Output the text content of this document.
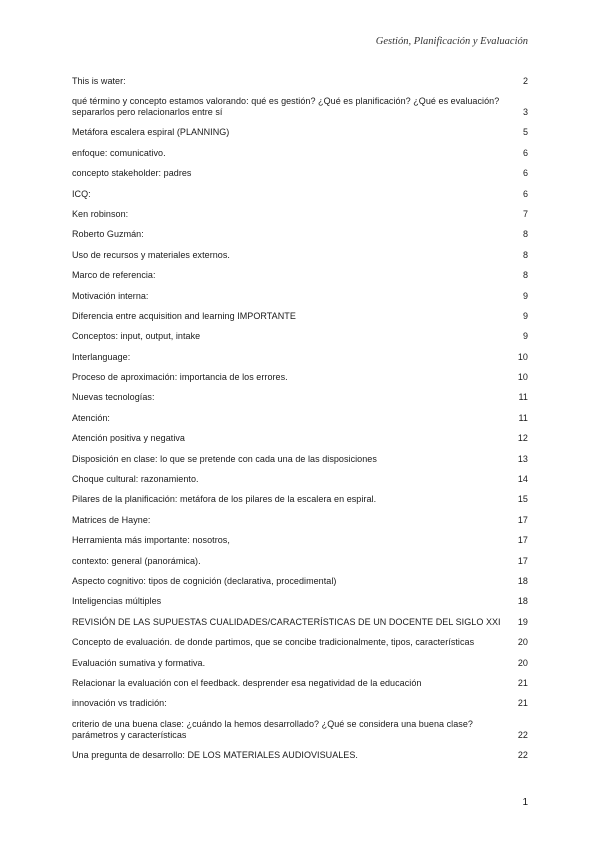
Gestión, Planificación y Evaluación
This is water:	2
qué término y concepto estamos valorando: qué es gestión? ¿Qué es planificación? ¿Qué es evaluación? separarlos pero relacionarlos entre sí	3
Metáfora escalera espiral (PLANNING)	5
enfoque: comunicativo.	6
concepto stakeholder: padres	6
ICQ:	6
Ken robinson:	7
Roberto Guzmán:	8
Uso de recursos y materiales externos.	8
Marco de referencia:	8
Motivación interna:	9
Diferencia entre acquisition and learning IMPORTANTE	9
Conceptos: input, output, intake	9
Interlanguage:	10
Proceso de aproximación: importancia de los errores.	10
Nuevas tecnologías:	11
Atención:	11
Atención positiva y negativa	12
Disposición en clase: lo que se pretende con cada una de las disposiciones	13
Choque cultural: razonamiento.	14
Pilares de la planificación: metáfora de los pilares de la escalera en espiral.	15
Matrices de Hayne:	17
Herramienta más importante: nosotros,	17
contexto: general (panorámica).	17
Aspecto cognitivo: tipos de cognición (declarativa, procedimental)	18
Inteligencias múltiples	18
REVISIÓN DE LAS SUPUESTAS CUALIDADES/CARACTERÍSTICAS DE UN DOCENTE DEL SIGLO XXI	19
Concepto de evaluación. de donde partimos, que se concibe tradicionalmente, tipos, características	20
Evaluación sumativa y formativa.	20
Relacionar la evaluación con el feedback. desprender esa negatividad de la educación	21
innovación vs tradición:	21
criterio de una buena clase: ¿cuándo la hemos desarrollado? ¿Qué se considera una buena clase? parámetros y características	22
Una pregunta de desarrollo: DE LOS MATERIALES AUDIOVISUALES.	22
1
